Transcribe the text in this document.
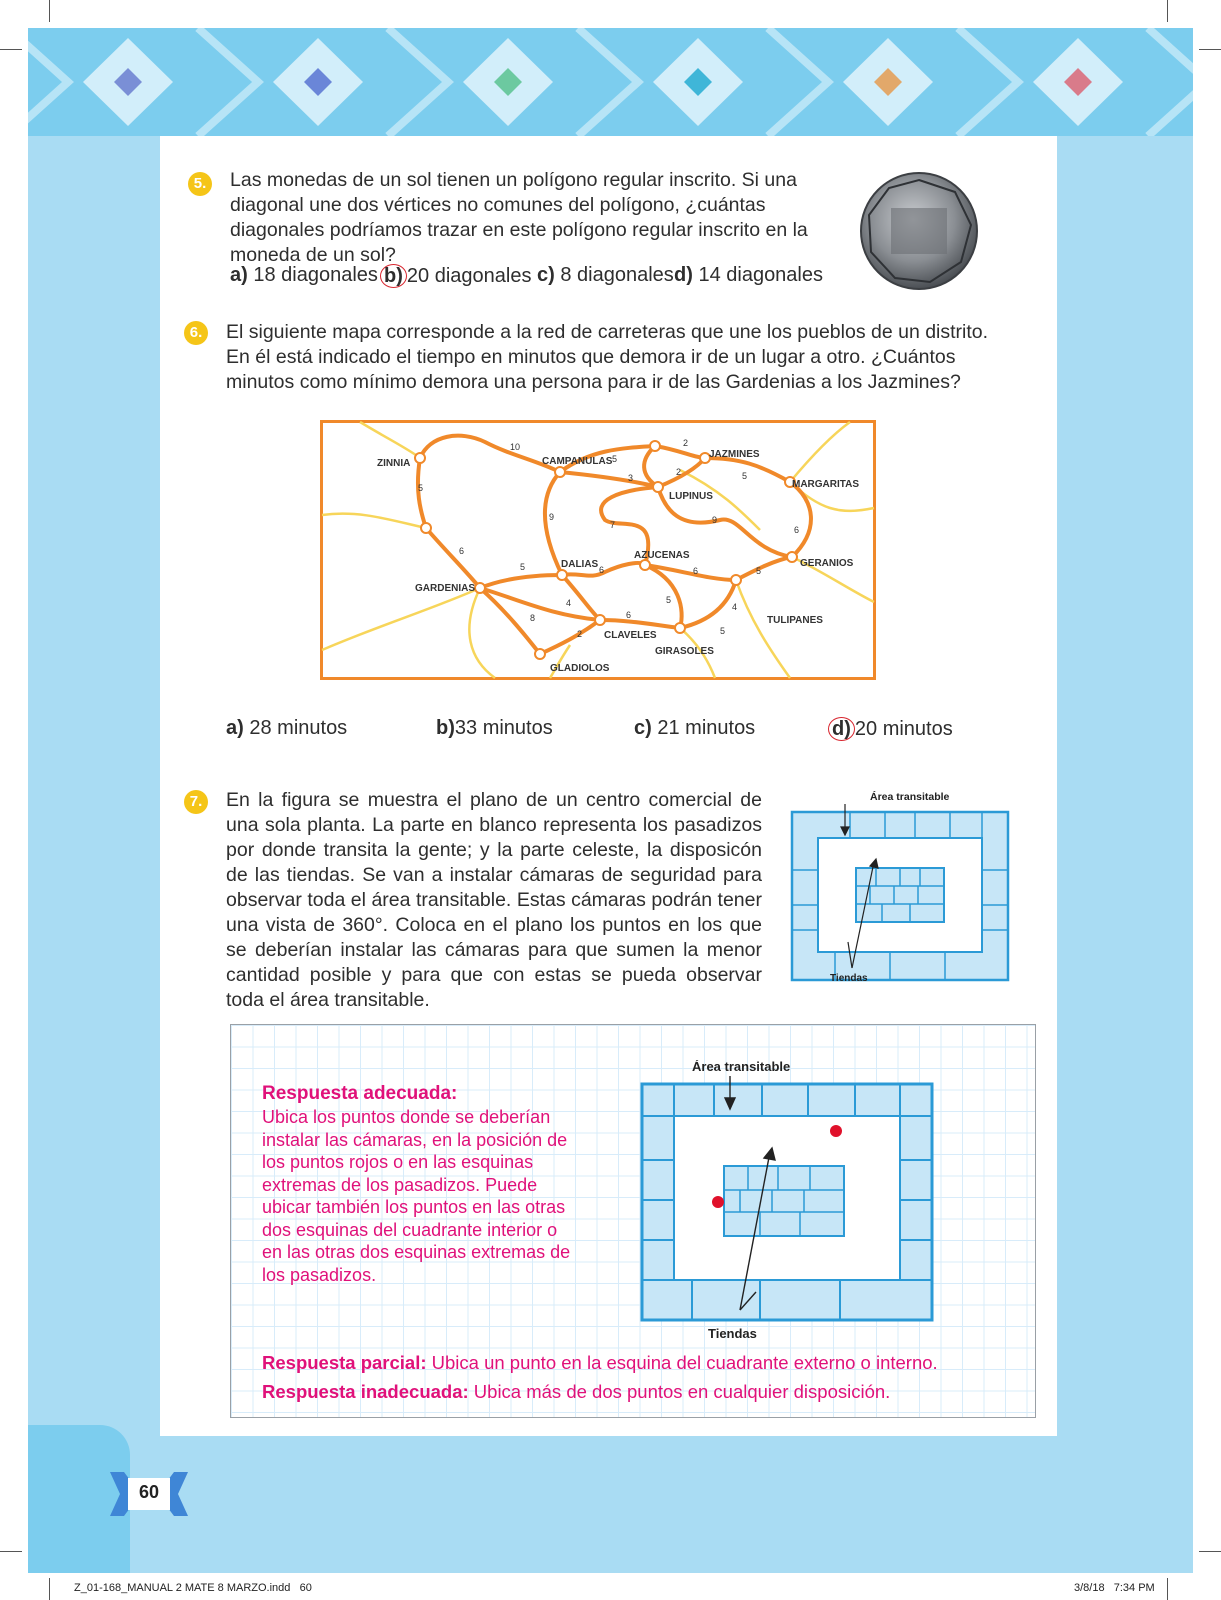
5. Las monedas de un sol tienen un polígono regular inscrito. Si una diagonal une dos vértices no comunes del polígono, ¿cuántas diagonales podríamos trazar en este polígono regular inscrito en la moneda de un sol?
a) 18 diagonales b) 20 diagonales c) 8 diagonales d) 14 diagonales
6. El siguiente mapa corresponde a la red de carreteras que une los pueblos de un distrito. En él está indicado el tiempo en minutos que demora ir de un lugar a otro. ¿Cuántos minutos como mínimo demora una persona para ir de las Gardenias a los Jazmines?
ZINNIA	CAMPANULAS
JAZMINES
MARGARITAS
LUPINUS
GARDENIAS
DALIAS
AZUCENAS
GERANIOS
TULIPANES
CLAVELES
GIRASOLES
GLADIOLOS
10
5
2
2
3	5
5
9
7	9
6
6
5	6	6	5
5
4
8
4
6
2	5
a) 28 minutos	b)33 minutos	c) 21 minutos	d) 20 minutos
7. En la figura se muestra el plano de un centro comercial de una sola planta. La parte en blanco representa los pasadizos por donde transita la gente; y la parte celeste, la disposicón de las tiendas. Se van a instalar cámaras de seguridad para observar toda el área transitable. Estas cámaras podrán tener una vista de 360°. Coloca en el plano los puntos en los que se deberían instalar las cámaras para que sumen la menor cantidad posible y para que con estas se pueda observar toda el área transitable.
Área transitable
Tiendas
Respuesta adecuada:
Ubica los puntos donde se deberían instalar las cámaras, en la posición de los puntos rojos o en las esquinas extremas de los pasadizos. Puede ubicar también los puntos en las otras dos esquinas del cuadrante interior o en las otras dos esquinas extremas de los pasadizos.
Área transitable
Tiendas
Respuesta parcial: Ubica un punto en la esquina del cuadrante externo o interno.
Respuesta inadecuada: Ubica más de dos puntos en cualquier disposición.
60
Z_01-168_MANUAL 2 MATE 8 MARZO.indd   60	3/8/18   7:34 PM
